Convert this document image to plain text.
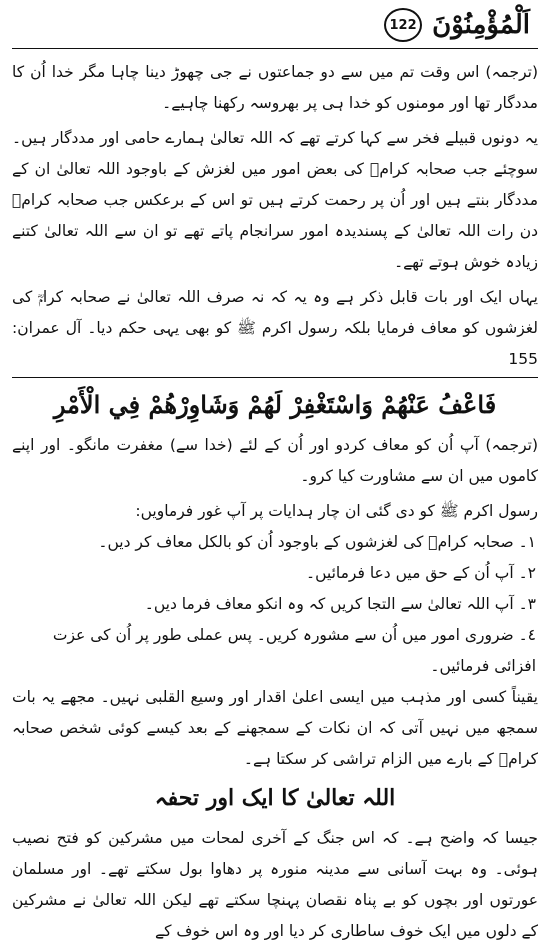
122 اَلْمُؤْمِنُوْنَ

(ترجمہ) اس وقت تم میں سے دو جماعتوں نے جی چھوڑ دینا چاہا مگر خدا اُن کا مددگار تھا اور مومنوں کو خدا ہی پر بھروسہ رکھنا چاہیے۔

یہ دونوں قبیلے فخر سے کہا کرتے تھے کہ اللہ تعالیٰ ہمارے حامی اور مددگار ہیں۔ سوچئے جب صحابہ کرامؓ کی بعض امور میں لغزش کے باوجود اللہ تعالیٰ ان کے مددگار بنتے ہیں اور اُن پر رحمت کرتے ہیں تو اس کے برعکس جب صحابہ کرامؓ دن رات اللہ تعالیٰ کے پسندیدہ امور سرانجام پاتے تھے تو ان سے اللہ تعالیٰ کتنے زیادہ خوش ہوتے تھے۔

یہاں ایک اور بات قابل ذکر ہے وہ یہ کہ نہ صرف اللہ تعالیٰ نے صحابہ کرامؓ کی لغزشوں کو معاف فرمایا بلکہ رسول اکرم ﷺ کو بھی یہی حکم دیا۔ آل عمران: 155

فَاعْفُ عَنْهُمْ وَاسْتَغْفِرْ لَهُمْ وَشَاوِرْهُمْ فِي الْأَمْرِ

(ترجمہ) آپ اُن کو معاف کردو اور اُن کے لئے (خدا سے) مغفرت مانگو۔ اور اپنے کاموں میں ان سے مشاورت کیا کرو۔

رسول اکرم ﷺ کو دی گئی ان چار ہدایات پر آپ غور فرماویں:

١۔ صحابہ کرامؓ کی لغزشوں کے باوجود اُن کو بالکل معاف کر دیں۔

٢۔ آپ اُن کے حق میں دعا فرمائیں۔

٣۔ آپ اللہ تعالیٰ سے التجا کریں کہ وہ انکو معاف فرما دیں۔

٤۔ ضروری امور میں اُن سے مشورہ کریں۔ پس عملی طور پر اُن کی عزت افزائی فرمائیں۔

یقیناً کسی اور مذہب میں ایسی اعلیٰ اقدار اور وسیع القلبی نہیں۔ مجھے یہ بات سمجھ میں نہیں آتی کہ ان نکات کے سمجھنے کے بعد کیسے کوئی شخص صحابہ کرامؓ کے بارے میں الزام تراشی کر سکتا ہے۔

اللہ تعالیٰ کا ایک اور تحفہ

جیسا کہ واضح ہے۔ کہ اس جنگ کے آخری لمحات میں مشرکین کو فتح نصیب ہوئی۔ وہ بہت آسانی سے مدینہ منورہ پر دھاوا بول سکتے تھے۔ اور مسلمان عورتوں اور بچوں کو بے پناہ نقصان پہنچا سکتے تھے لیکن اللہ تعالیٰ نے مشرکین کے دلوں میں ایک خوف ساطاری کر دیا اور وہ اس خوف کے
